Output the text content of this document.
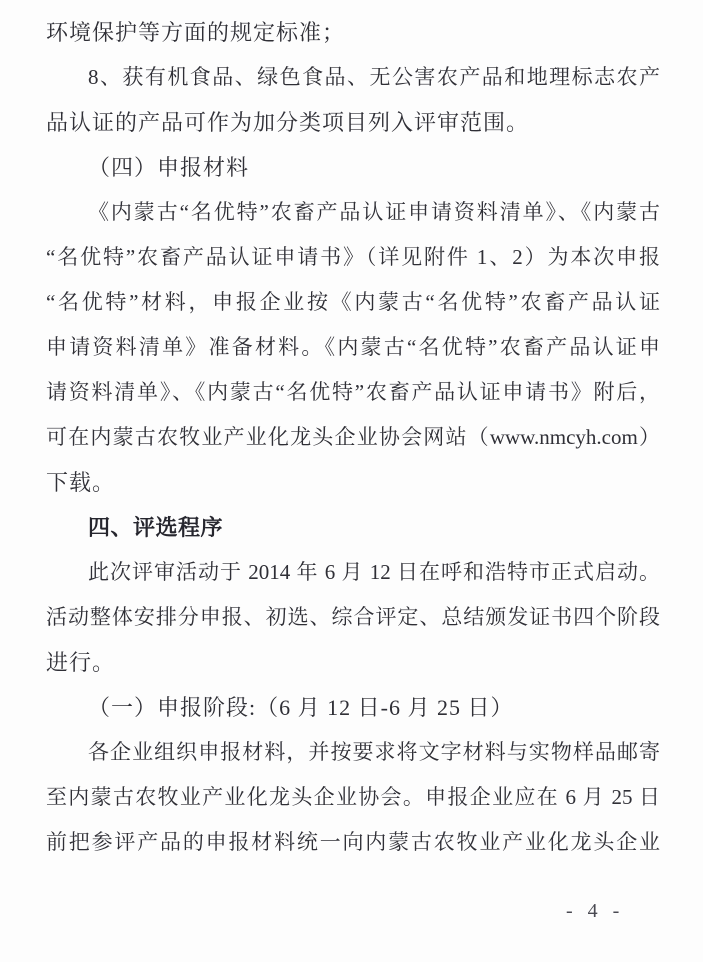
环境保护等方面的规定标准；
8、获有机食品、绿色食品、无公害农产品和地理标志农产
品认证的产品可作为加分类项目列入评审范围。
（四）申报材料
《内蒙古“名优特”农畜产品认证申请资料清单》、《内蒙古
“名优特”农畜产品认证申请书》（详见附件 1、2）为本次申报
“名优特”材料，申报企业按《内蒙古“名优特”农畜产品认证
申请资料清单》准备材料。《内蒙古“名优特”农畜产品认证申
请资料清单》、《内蒙古“名优特”农畜产品认证申请书》附后，
可在内蒙古农牧业产业化龙头企业协会网站（www.nmcyh.com）
下载。
四、评选程序
此次评审活动于 2014 年 6 月 12 日在呼和浩特市正式启动。
活动整体安排分申报、初选、综合评定、总结颁发证书四个阶段
进行。
（一）申报阶段:（6 月 12 日-6 月 25 日）
各企业组织申报材料，并按要求将文字材料与实物样品邮寄
至内蒙古农牧业产业化龙头企业协会。申报企业应在 6 月 25 日
前把参评产品的申报材料统一向内蒙古农牧业产业化龙头企业
- 4 -
